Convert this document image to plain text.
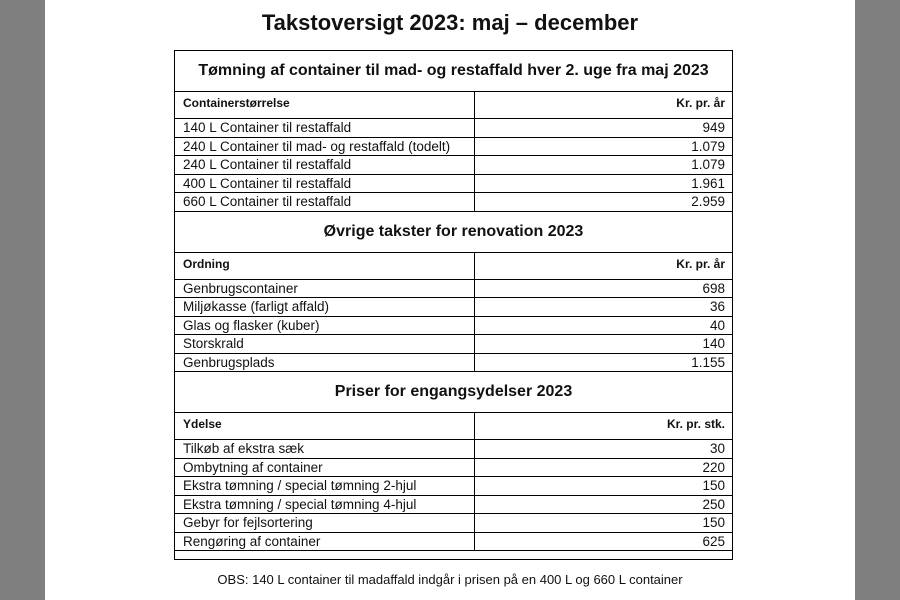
Takstoversigt 2023: maj – december
Tømning af container til mad- og restaffald hver 2. uge fra maj 2023
Containerstørrelse	Kr. pr. år
140 L Container til restaffald	949
240 L Container til mad- og restaffald (todelt)	1.079
240 L Container til restaffald	1.079
400 L Container til restaffald	1.961
660 L Container til restaffald	2.959
Øvrige takster for renovation 2023
Ordning	Kr. pr. år
Genbrugscontainer	698
Miljøkasse (farligt affald)	36
Glas og flasker (kuber)	40
Storskrald	140
Genbrugsplads	1.155
Priser for engangsydelser 2023
Ydelse	Kr. pr. stk.
Tilkøb af ekstra sæk	30
Ombytning af container	220
Ekstra tømning / special tømning 2-hjul	150
Ekstra tømning / special tømning 4-hjul	250
Gebyr for fejlsortering	150
Rengøring af container	625
OBS: 140 L container til madaffald indgår i prisen på en 400 L og 660 L container
